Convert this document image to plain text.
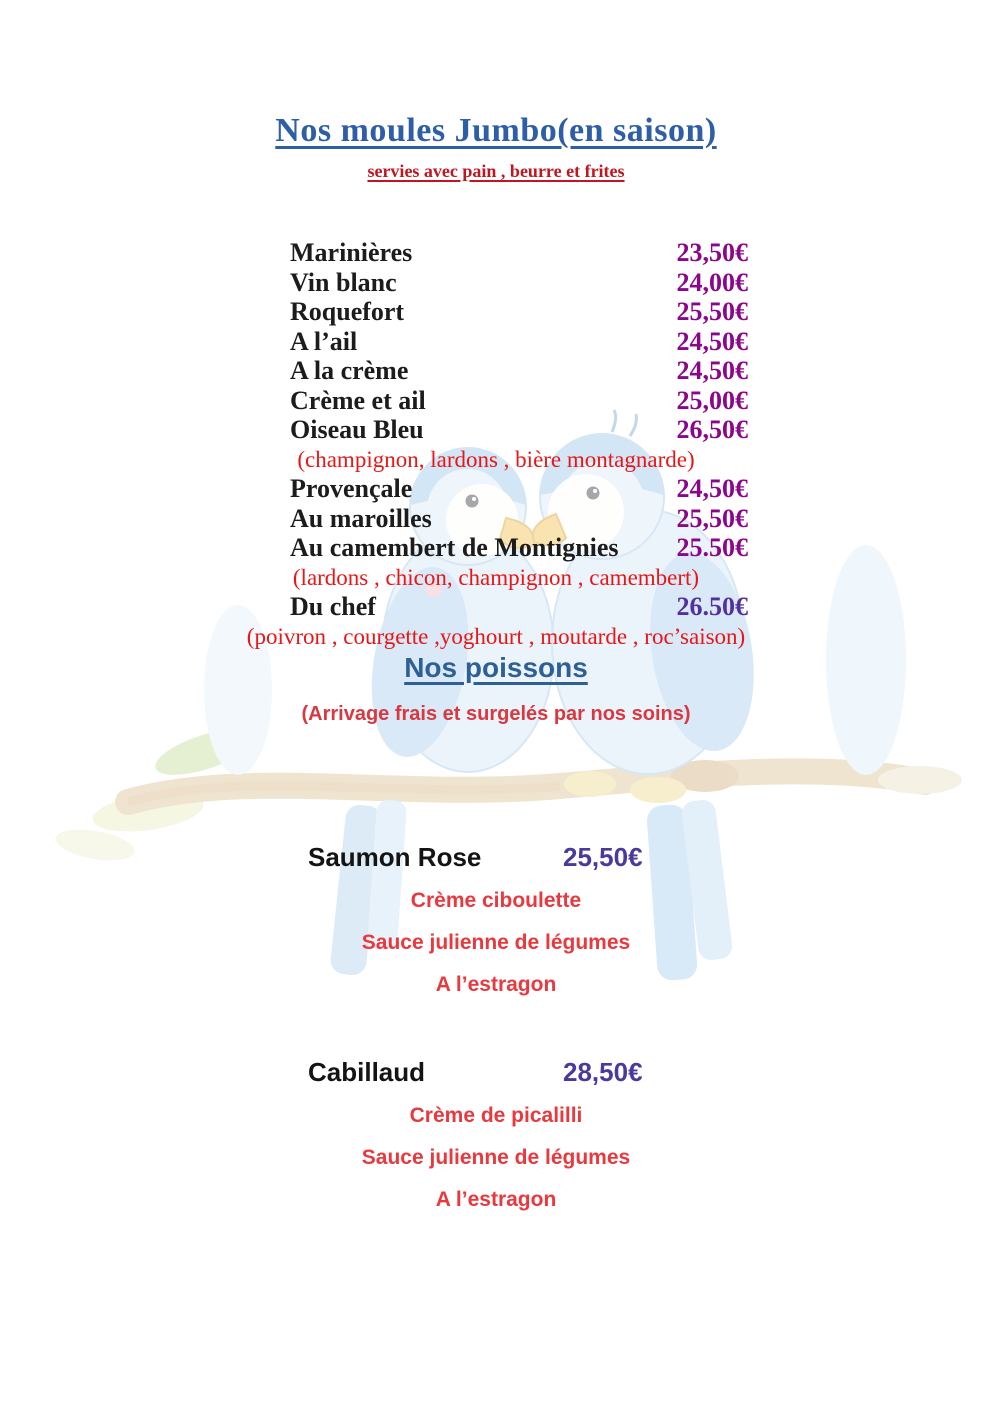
Nos moules Jumbo(en saison)
servies avec pain , beurre et frites
Marinières	23,50€
Vin blanc	24,00€
Roquefort	25,50€
A l’ail	24,50€
A la crème	24,50€
Crème et ail	25,00€
Oiseau Bleu	26,50€
(champignon, lardons , bière montagnarde)
Provençale	24,50€
Au maroilles	25,50€
Au camembert de Montignies 25.50€
(lardons , chicon, champignon , camembert)
Du chef	26.50€
(poivron , courgette ,yoghourt , moutarde , roc’saison)
Nos poissons
(Arrivage frais et surgelés par nos soins)
Saumon Rose	25,50€
Crème ciboulette
Sauce julienne de légumes
A l’estragon
Cabillaud	28,50€
Crème de picalilli
Sauce julienne de légumes
A l’estragon
